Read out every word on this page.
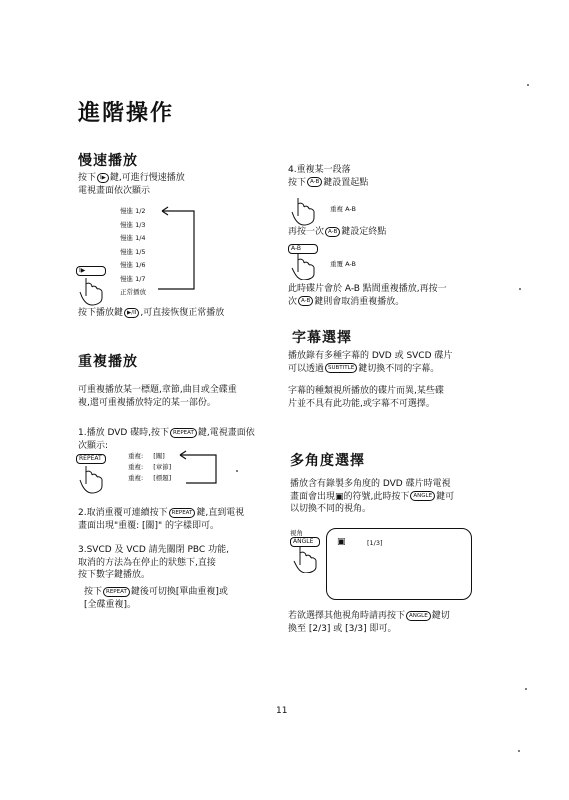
進階操作
慢速播放
按下 I▶ 鍵,可進行慢速播放
電視畫面依次顯示
慢進 1/2
慢進 1/3
慢進 1/4
慢進 1/5
慢進 1/6
慢進 1/7
正常播放
I▶
按下播放鍵 ▶/II ,可直接恢復正常播放
重複播放
可重複播放某一標題,章節,曲目或全碟重
複,還可重複播放特定的某一部份。
1.播放 DVD 碟時,按下 REPEAT 鍵,電視畫面依
次顯示:
REPEAT	重複: [關]
重複: [章節]
重複: [標題]
2.取消重覆可連續按下 REPEAT 鍵,直到電視
畫面出現"重覆: [關]" 的字樣即可。
3.SVCD 及 VCD 請先關閉 PBC 功能,
取消的方法為在停止的狀態下,直接
按下數字鍵播放。
按下 REPEAT 鍵後可切換[單曲重複]或
[全碟重複]。
4.重複某一段落
按下 A-B 鍵設置起點
重複 A-B
再按一次 A-B 鍵設定終點
A-B
重覆 A-B
此時碟片會於 A-B 點間重複播放,再按一
次 A-B 鍵則會取消重複播放。
字幕選擇
播放錄有多種字幕的 DVD 或 SVCD 碟片
可以透過 SUBTITLE 鍵切換不同的字幕。
字幕的種類視所播放的碟片而異,某些碟
片並不具有此功能,或字幕不可選擇。
多角度選擇
播放含有錄製多角度的 DVD 碟片時電視
畫面會出現▣的符號,此時按下 ANGLE 鍵可
以切換不同的視角。
視角
ANGLE	▣	[1/3]
若欲選擇其他視角時請再按下 ANGLE 鍵切
換至 [2/3] 或 [3/3] 即可。
11
